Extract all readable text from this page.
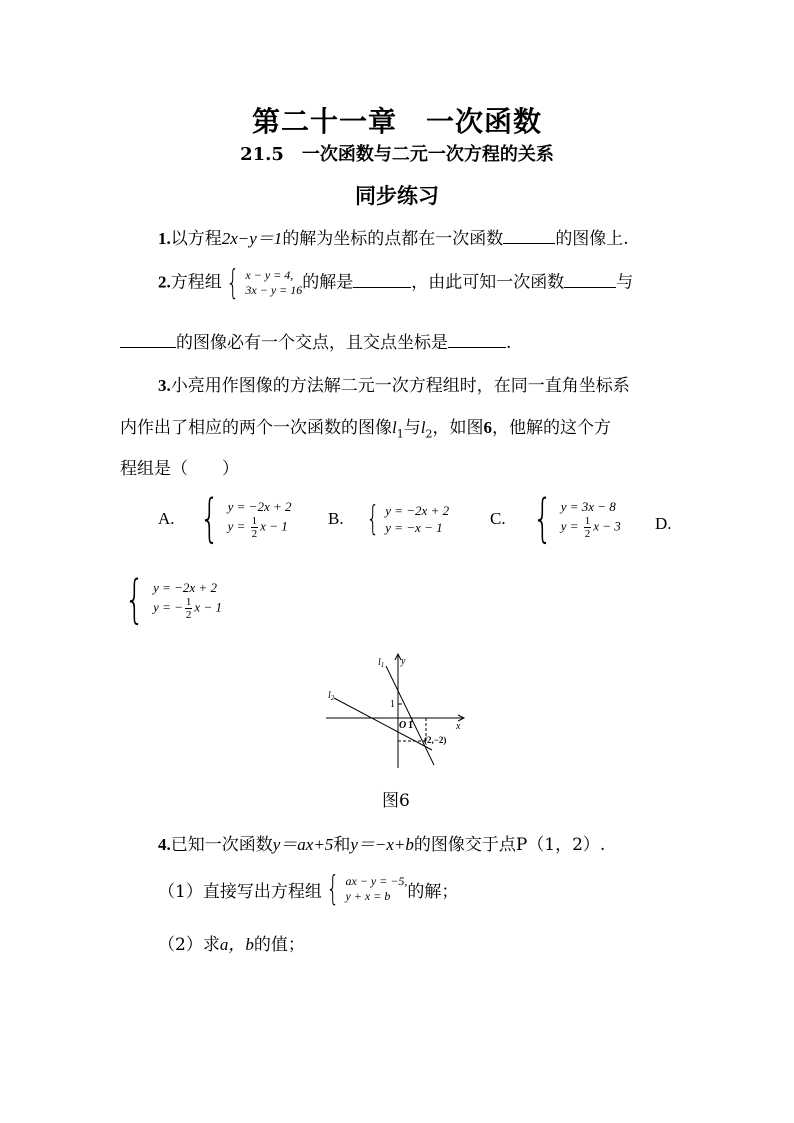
第二十一章　一次函数
21.5　一次函数与二元一次方程的关系
同步练习
1.以方程2x−y＝1的解为坐标的点都在一次函数	的图像上.
2.方程组 { x − y = 4,
3x − y = 16 的解是	，由此可知一次函数	与
的图像必有一个交点，且交点坐标是	.
3.小亮用作图像的方法解二元一次方程组时，在同一直角坐标系
内作出了相应的两个一次函数的图像$l_1$与$l_2$，如图6，他解的这个方
程组是（　　）
A. { y = −2x + 2
$y = \frac{1}{2}$ x − 1 B. { y = −2x + 2
y = −x − 1	C. { y = 3x − 8
$y = \frac{1}{2}$ x − 3 D.
{ y = −2x + 2
y = − $\frac{1}{2}$ x − 1
$l_1$
$l_2$
y
x
O 1
1
(2,−2)
图6
4.已知一次函数y＝ax+5和y＝−x+b的图像交于点P（1，2）.
（1） 直接写出方程组 { ax − y = −5,
y + x = b	的解；
（2）求a，b的值；
